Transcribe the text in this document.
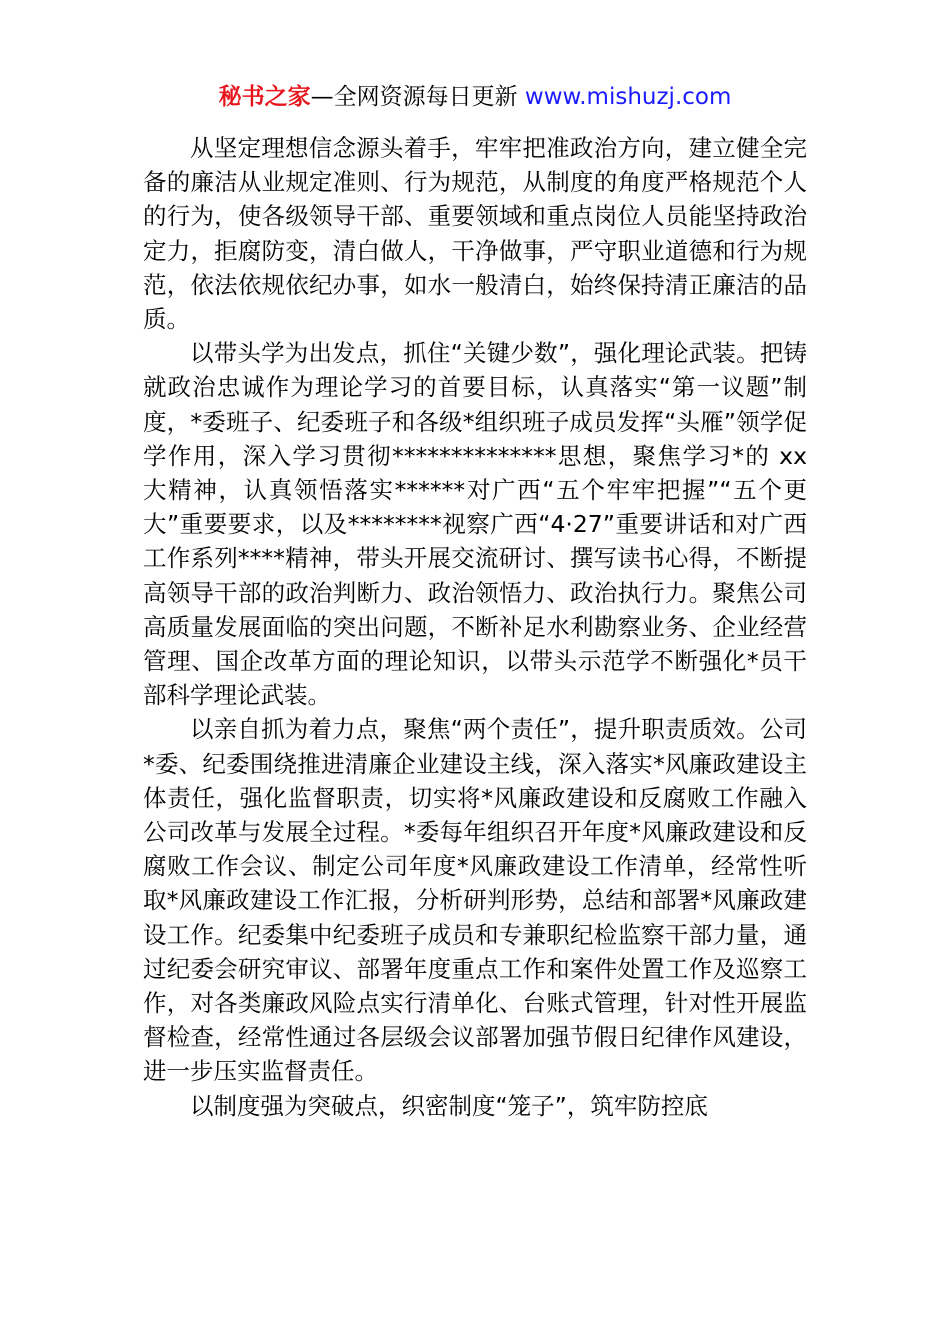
秘书之家—全网资源每日更新 www.mishuzj.com

从坚定理想信念源头着手，牢牢把准政治方向，建立健全完备的廉洁从业规定准则、行为规范，从制度的角度严格规范个人的行为，使各级领导干部、重要领域和重点岗位人员能坚持政治定力，拒腐防变，清白做人，干净做事，严守职业道德和行为规范，依法依规依纪办事，如水一般清白，始终保持清正廉洁的品质。

以带头学为出发点，抓住“关键少数”，强化理论武装。把铸就政治忠诚作为理论学习的首要目标，认真落实“第一议题”制度，*委班子、纪委班子和各级*组织班子成员发挥“头雁”领学促学作用，深入学习贯彻**************思想，聚焦学习*的 xx 大精神，认真领悟落实******对广西“五个牢牢把握”“五个更大”重要要求，以及********视察广西“4·27”重要讲话和对广西工作系列****精神，带头开展交流研讨、撰写读书心得，不断提高领导干部的政治判断力、政治领悟力、政治执行力。聚焦公司高质量发展面临的突出问题，不断补足水利勘察业务、企业经营管理、国企改革方面的理论知识，以带头示范学不断强化*员干部科学理论武装。

以亲自抓为着力点，聚焦“两个责任”，提升职责质效。公司*委、纪委围绕推进清廉企业建设主线，深入落实*风廉政建设主体责任，强化监督职责，切实将*风廉政建设和反腐败工作融入公司改革与发展全过程。*委每年组织召开年度*风廉政建设和反腐败工作会议、制定公司年度*风廉政建设工作清单，经常性听取*风廉政建设工作汇报，分析研判形势，总结和部署*风廉政建设工作。纪委集中纪委班子成员和专兼职纪检监察干部力量，通过纪委会研究审议、部署年度重点工作和案件处置工作及巡察工作，对各类廉政风险点实行清单化、台账式管理，针对性开展监督检查，经常性通过各层级会议部署加强节假日纪律作风建设，进一步压实监督责任。

以制度强为突破点，织密制度“笼子”，筑牢防控底
